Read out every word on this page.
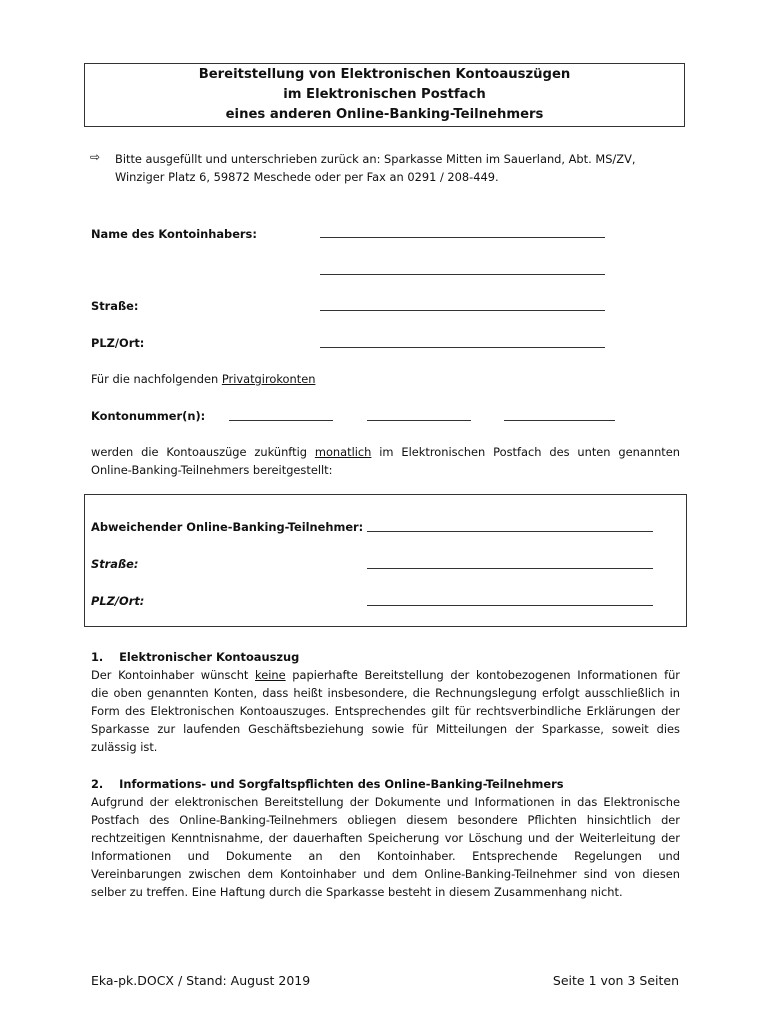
Bereitstellung von Elektronischen Kontoauszügen
im Elektronischen Postfach
eines anderen Online-Banking-Teilnehmers
⇨ Bitte ausgefüllt und unterschrieben zurück an: Sparkasse Mitten im Sauerland, Abt. MS/ZV,
Winziger Platz 6, 59872 Meschede oder per Fax an 0291 / 208-449.
Name des Kontoinhabers:
Straße:
PLZ/Ort:
Für die nachfolgenden Privatgirokonten
Kontonummer(n):
werden die Kontoauszüge zukünftig monatlich im Elektronischen Postfach des unten genannten
Online-Banking-Teilnehmers bereitgestellt:
Abweichender Online-Banking-Teilnehmer:
Straße:
PLZ/Ort:
1.    Elektronischer Kontoauszug
Der Kontoinhaber wünscht keine papierhafte Bereitstellung der kontobezogenen Informationen für
die oben genannten Konten, dass heißt insbesondere, die Rechnungslegung erfolgt ausschließlich in
Form des Elektronischen Kontoauszuges. Entsprechendes gilt für rechtsverbindliche Erklärungen der
Sparkasse zur laufenden Geschäftsbeziehung sowie für Mitteilungen der Sparkasse, soweit dies
zulässig ist.
2.    Informations- und Sorgfaltspflichten des Online-Banking-Teilnehmers
Aufgrund der elektronischen Bereitstellung der Dokumente und Informationen in das Elektronische
Postfach des Online-Banking-Teilnehmers obliegen diesem besondere Pflichten hinsichtlich der
rechtzeitigen Kenntnisnahme, der dauerhaften Speicherung vor Löschung und der Weiterleitung der
Informationen und Dokumente an den Kontoinhaber. Entsprechende Regelungen und
Vereinbarungen zwischen dem Kontoinhaber und dem Online-Banking-Teilnehmer sind von diesen
selber zu treffen. Eine Haftung durch die Sparkasse besteht in diesem Zusammenhang nicht.
Eka-pk.DOCX / Stand: August 2019	Seite 1 von 3 Seiten
